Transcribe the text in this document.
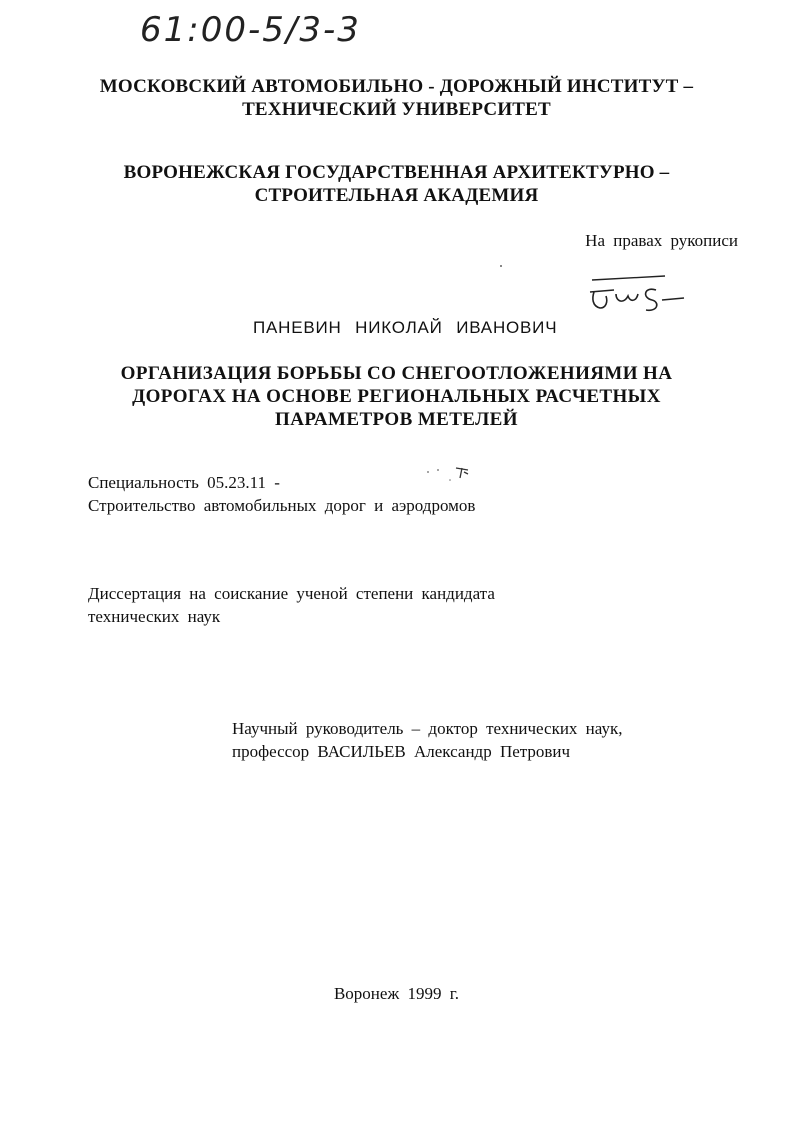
61:00-5/3-3
МОСКОВСКИЙ АВТОМОБИЛЬНО - ДОРОЖНЫЙ ИНСТИТУТ –
ТЕХНИЧЕСКИЙ УНИВЕРСИТЕТ
ВОРОНЕЖСКАЯ ГОСУДАРСТВЕННАЯ АРХИТЕКТУРНО –
СТРОИТЕЛЬНАЯ АКАДЕМИЯ
На правах рукописи
ПАНЕВИН НИКОЛАЙ ИВАНОВИЧ
ОРГАНИЗАЦИЯ БОРЬБЫ СО СНЕГООТЛОЖЕНИЯМИ НА
ДОРОГАХ НА ОСНОВЕ РЕГИОНАЛЬНЫХ РАСЧЕТНЫХ
ПАРАМЕТРОВ МЕТЕЛЕЙ
Специальность 05.23.11 -
Строительство автомобильных дорог и аэродромов
Диссертация на соискание ученой степени кандидата
технических наук
Научный руководитель – доктор технических наук,
профессор ВАСИЛЬЕВ Александр Петрович
Воронеж 1999 г.
